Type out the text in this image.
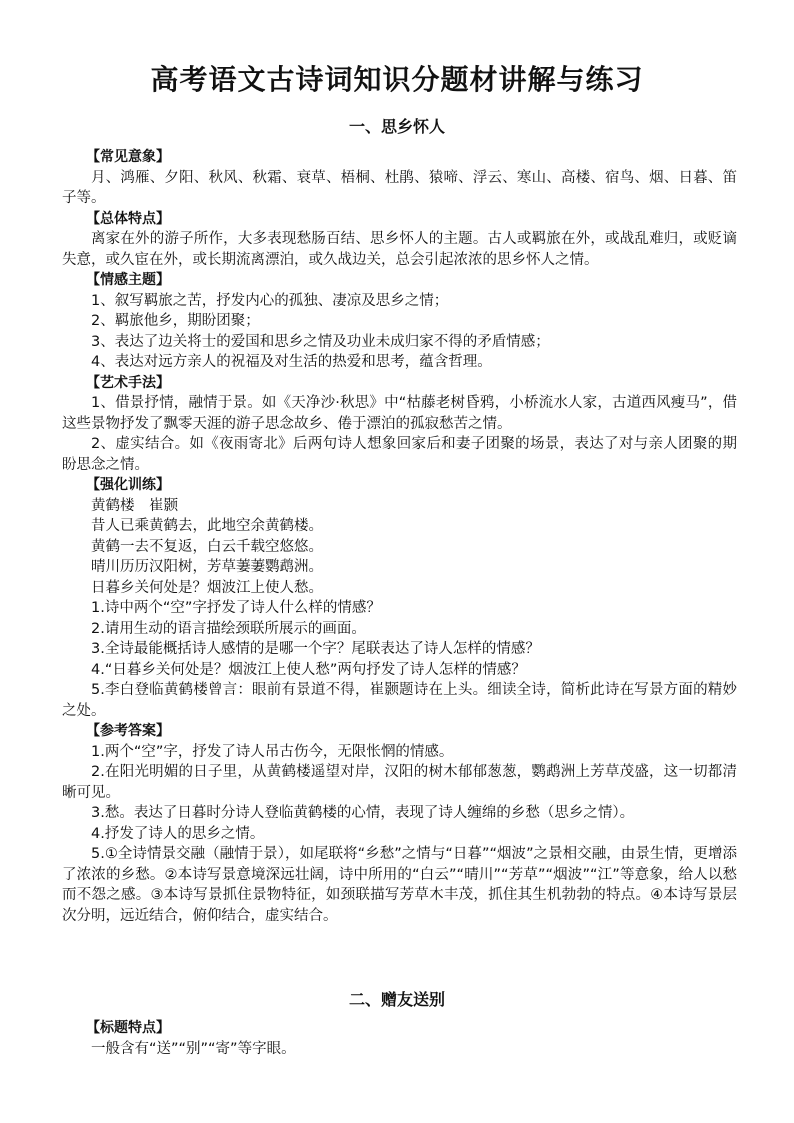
高考语文古诗词知识分题材讲解与练习
一、思乡怀人

【常见意象】

月、鸿雁、夕阳、秋风、秋霜、衰草、梧桐、杜鹃、猿啼、浮云、寒山、高楼、宿鸟、烟、日暮、笛子等。

【总体特点】

离家在外的游子所作，大多表现愁肠百结、思乡怀人的主题。古人或羁旅在外，或战乱难归，或贬谪失意，或久宦在外，或长期流离漂泊，或久战边关，总会引起浓浓的思乡怀人之情。

【情感主题】

1、叙写羁旅之苦，抒发内心的孤独、凄凉及思乡之情；

2、羁旅他乡，期盼团聚；

3、表达了边关将士的爱国和思乡之情及功业未成归家不得的矛盾情感；

4、表达对远方亲人的祝福及对生活的热爱和思考，蕴含哲理。

【艺术手法】

1、借景抒情，融情于景。如《天净沙·秋思》中“枯藤老树昏鸦，小桥流水人家，古道西风瘦马”，借这些景物抒发了飘零天涯的游子思念故乡、倦于漂泊的孤寂愁苦之情。

2、虚实结合。如《夜雨寄北》后两句诗人想象回家后和妻子团聚的场景，表达了对与亲人团聚的期盼思念之情。

【强化训练】

黄鹤楼　崔颢

昔人已乘黄鹤去，此地空余黄鹤楼。

黄鹤一去不复返，白云千载空悠悠。

晴川历历汉阳树，芳草萋萋鹦鹉洲。

日暮乡关何处是？烟波江上使人愁。

1.诗中两个“空”字抒发了诗人什么样的情感？

2.请用生动的语言描绘颈联所展示的画面。

3.全诗最能概括诗人感情的是哪一个字？尾联表达了诗人怎样的情感？

4.“日暮乡关何处是？烟波江上使人愁”两句抒发了诗人怎样的情感？

5.李白登临黄鹤楼曾言：眼前有景道不得，崔颢题诗在上头。细读全诗，简析此诗在写景方面的精妙之处。

【参考答案】

1.两个“空”字，抒发了诗人吊古伤今，无限怅惘的情感。

2.在阳光明媚的日子里，从黄鹤楼遥望对岸，汉阳的树木郁郁葱葱，鹦鹉洲上芳草茂盛，这一切都清晰可见。

3.愁。表达了日暮时分诗人登临黄鹤楼的心情，表现了诗人缠绵的乡愁（思乡之情）。

4.抒发了诗人的思乡之情。

5.①全诗情景交融（融情于景），如尾联将“乡愁”之情与“日暮”“烟波”之景相交融，由景生情，更增添了浓浓的乡愁。②本诗写景意境深远壮阔，诗中所用的“白云”“晴川”“芳草”“烟波”“江”等意象，给人以愁而不怨之感。③本诗写景抓住景物特征，如颈联描写芳草木丰茂，抓住其生机勃勃的特点。④本诗写景层次分明，远近结合，俯仰结合，虚实结合。

二、赠友送别

【标题特点】

一般含有“送”“别”“寄”等字眼。
